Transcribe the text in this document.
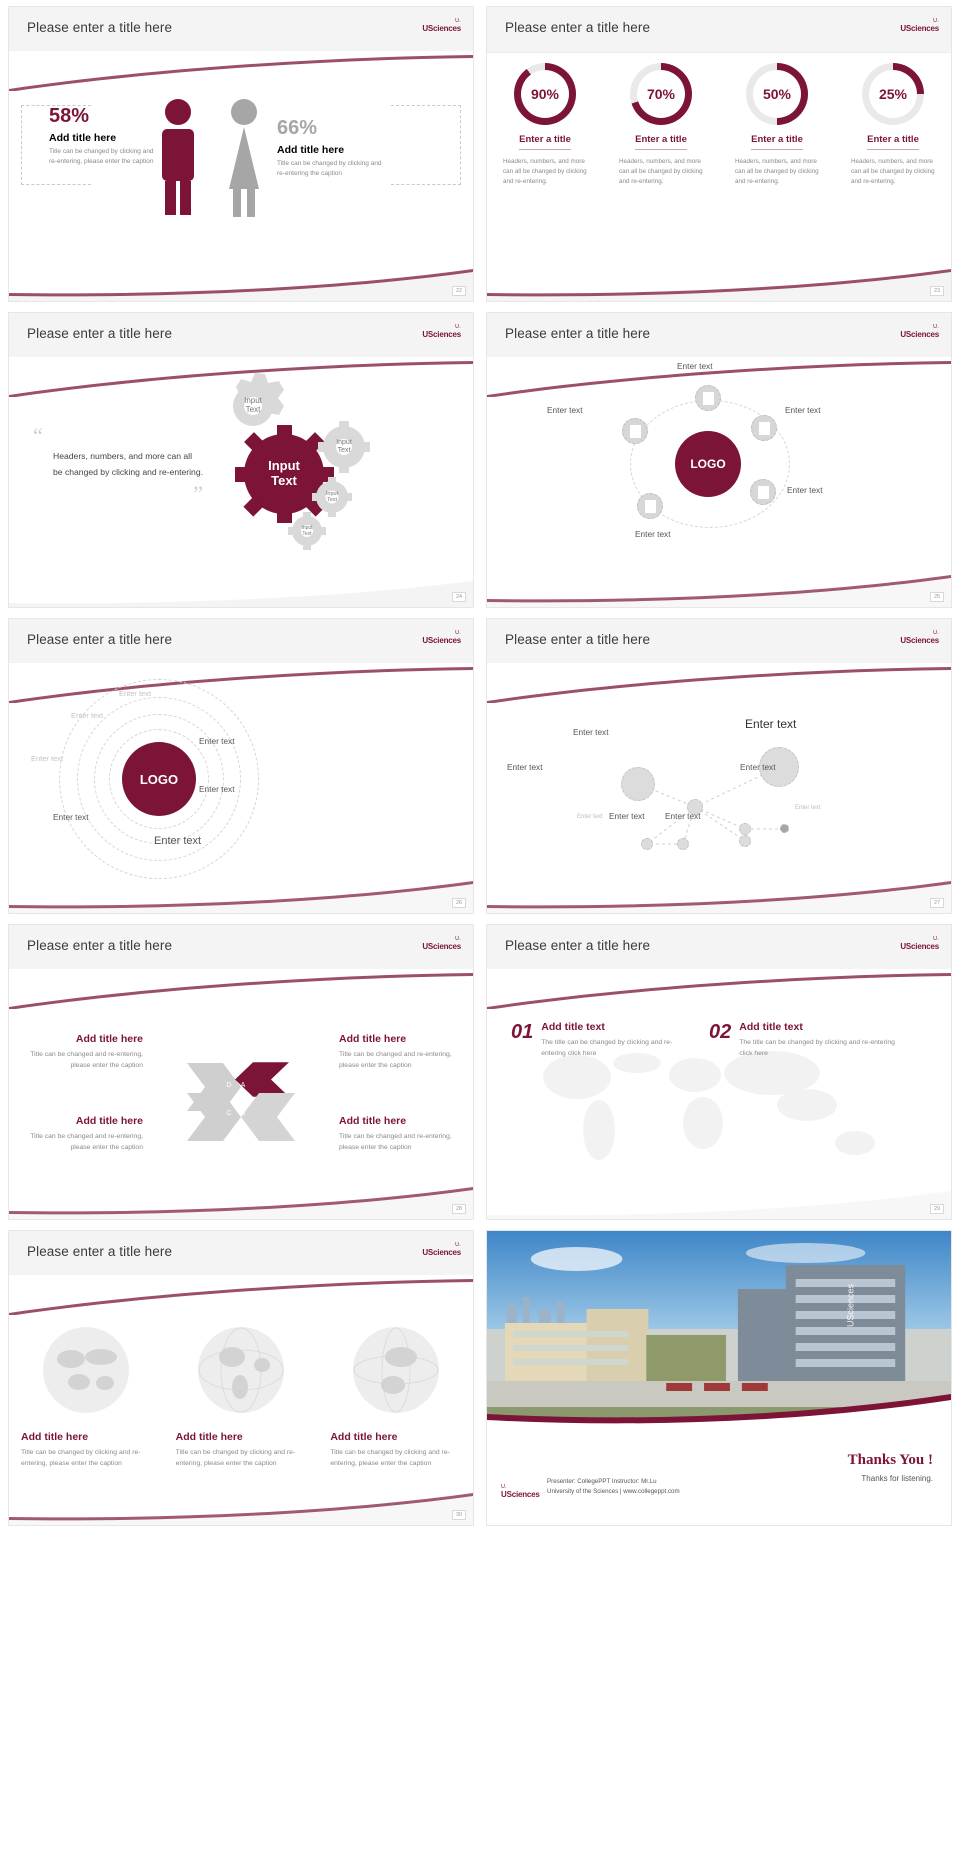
Please enter a title here	U.
USciences
58%
Add title here
Title can be changed by clicking and re-entering, please enter the caption
66%
Add title here
Title can be changed by clicking and re-entering the caption
22
Please enter a title here	U.
USciences
90%
Enter a title
Headers, numbers, and more can all be changed by clicking and re-entering.
70%
Enter a title
Headers, numbers, and more can all be changed by clicking and re-entering.
50%
Enter a title
Headers, numbers, and more can all be changed by clicking and re-entering.
25%
Enter a title
Headers, numbers, and more can all be changed by clicking and re-entering.
23
Please enter a title here	U.
USciences
“

Headers, numbers, and more can all be changed by clicking and re-entering.

”
Input
Text
Input
Text
Input
Text
Input
Text
Input
Text
24
Please enter a title here	U.
USciences
LOGO
Enter text
Enter text	Enter text
Enter text
Enter text
25
Please enter a title here	U.
USciences
LOGO
Enter text
Enter text
Enter text
Enter text
Enter text
Enter text
Enter text
26
Please enter a title here	U.
USciences
Enter text
Enter text
Enter text Enter text Enter text
Enter text
Enter text
Enter text
27
Please enter a title here	U.
USciences
A
D
C B
Add title here
Title can be changed and re-entering, please enter the caption
Add title here
Title can be changed and re-entering, please enter the caption
Add title here
Title can be changed and re-entering, please enter the caption
Add title here
Title can be changed and re-entering, please enter the caption
28
Please enter a title here	U.
USciences
01 Add title text
The title can be changed by clicking and re-entering click here
02 Add title text
The title can be changed by clicking and re-entering click here
29
Please enter a title here	U.
USciences
Add title here
Title can be changed by clicking and re-entering, please enter the caption
Add title here
Title can be changed by clicking and re-entering, please enter the caption
Add title here
Title can be changed by clicking and re-entering, please enter the caption
30
USciences
Presenter: CollegePPT Instructor: Mr.Lu
University of the Sciences | www.collegeppt.com
U.
USciences
Thanks You !
Thanks for listening.
